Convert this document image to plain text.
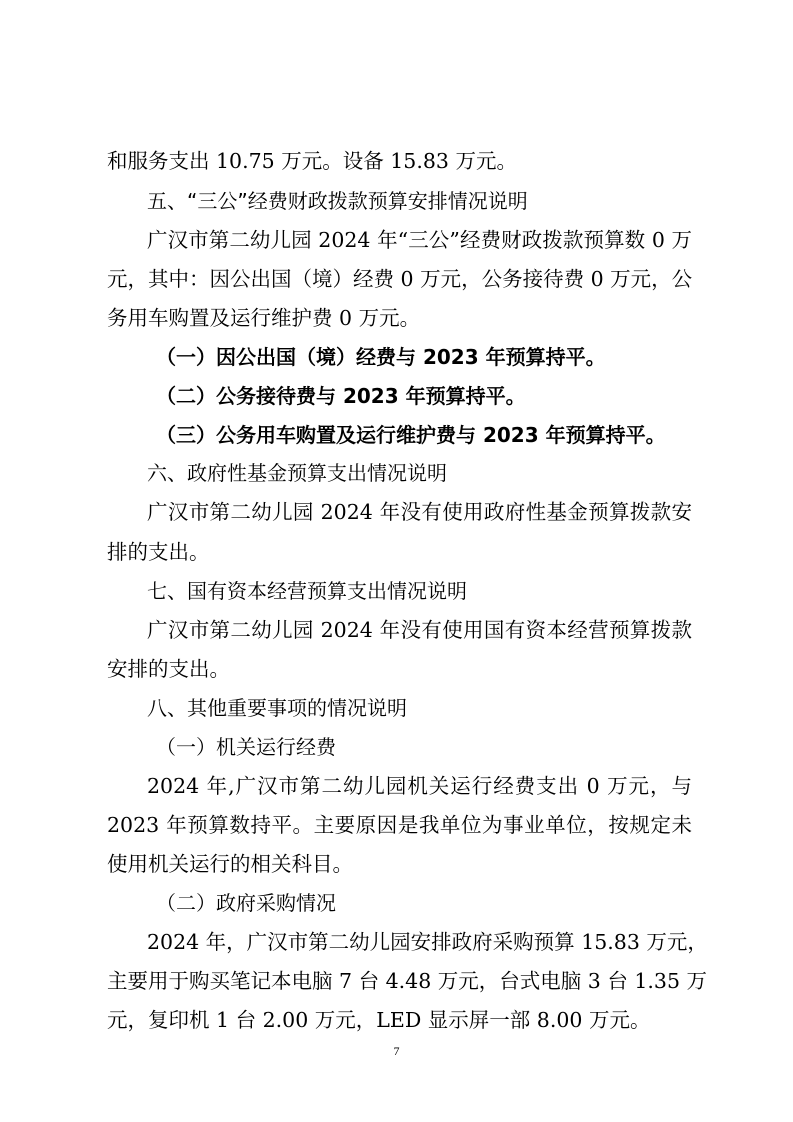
和服务支出 10.75 万元。设备 15.83 万元。
五、“三公”经费财政拨款预算安排情况说明
广汉市第二幼儿园 2024 年“三公”经费财政拨款预算数 0 万
元，其中：因公出国（境）经费 0 万元，公务接待费 0 万元，公
务用车购置及运行维护费 0 万元。
（一）因公出国（境）经费与 2023 年预算持平。
（二）公务接待费与 2023 年预算持平。
（三）公务用车购置及运行维护费与 2023 年预算持平。
六、政府性基金预算支出情况说明
广汉市第二幼儿园 2024 年没有使用政府性基金预算拨款安
排的支出。
七、国有资本经营预算支出情况说明
广汉市第二幼儿园 2024 年没有使用国有资本经营预算拨款
安排的支出。
八、其他重要事项的情况说明
（一）机关运行经费
2024 年,广汉市第二幼儿园机关运行经费支出 0 万元，与
2023 年预算数持平。主要原因是我单位为事业单位，按规定未
使用机关运行的相关科目。
（二）政府采购情况
2024 年，广汉市第二幼儿园安排政府采购预算 15.83 万元，
主要用于购买笔记本电脑 7 台 4.48 万元，台式电脑 3 台 1.35 万
元，复印机 1 台 2.00 万元，LED 显示屏一部 8.00 万元。
7
